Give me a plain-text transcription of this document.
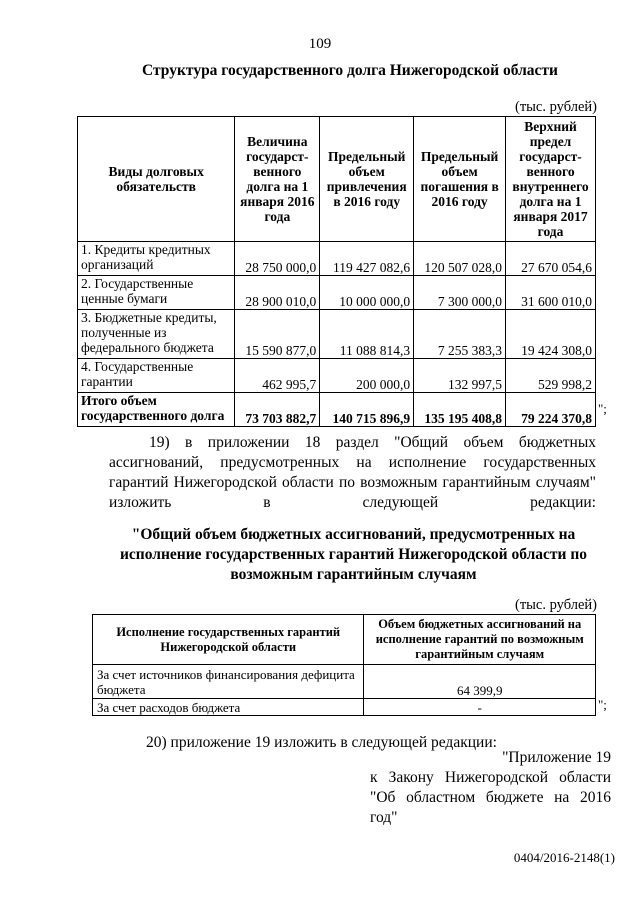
109
Структура государственного долга Нижегородской области
(тыс. рублей)
Виды долговых обязательств	Величина государст-венного долга на 1 января 2016 года	Предельный объем привлечения в 2016 году	Предельный объем погашения в 2016 году	Верхний предел государст-венного внутреннего долга на 1 января 2017 года
1. Кредиты кредитных организаций	28 750 000,0	119 427 082,6	120 507 028,0	27 670 054,6
2. Государственные ценные бумаги	28 900 010,0	10 000 000,0	7 300 000,0	31 600 010,0
3. Бюджетные кредиты, полученные из федерального бюджета	15 590 877,0	11 088 814,3	7 255 383,3	19 424 308,0
4. Государственные гарантии	462 995,7	200 000,0	132 997,5	529 998,2
Итого объем государственного долга	73 703 882,7	140 715 896,9	135 195 408,8	79 224 370,8
";
19) в приложении 18 раздел "Общий объем бюджетных ассигнований, предусмотренных на исполнение государственных гарантий Нижегородской области по возможным гарантийным случаям" изложить в следующей редакции:
"Общий объем бюджетных ассигнований, предусмотренных на исполнение государственных гарантий Нижегородской области по возможным гарантийным случаям
(тыс. рублей)
Исполнение государственных гарантий Нижегородской области	Объем бюджетных ассигнований на исполнение гарантий по возможным гарантийным случаям
За счет источников финансирования дефицита бюджета	64 399,9
За счет расходов бюджета	-	";
20) приложение 19 изложить в следующей редакции:
"Приложение 19
к Закону Нижегородской области
"Об областном бюджете на 2016
год"
0404/2016-2148(1)
